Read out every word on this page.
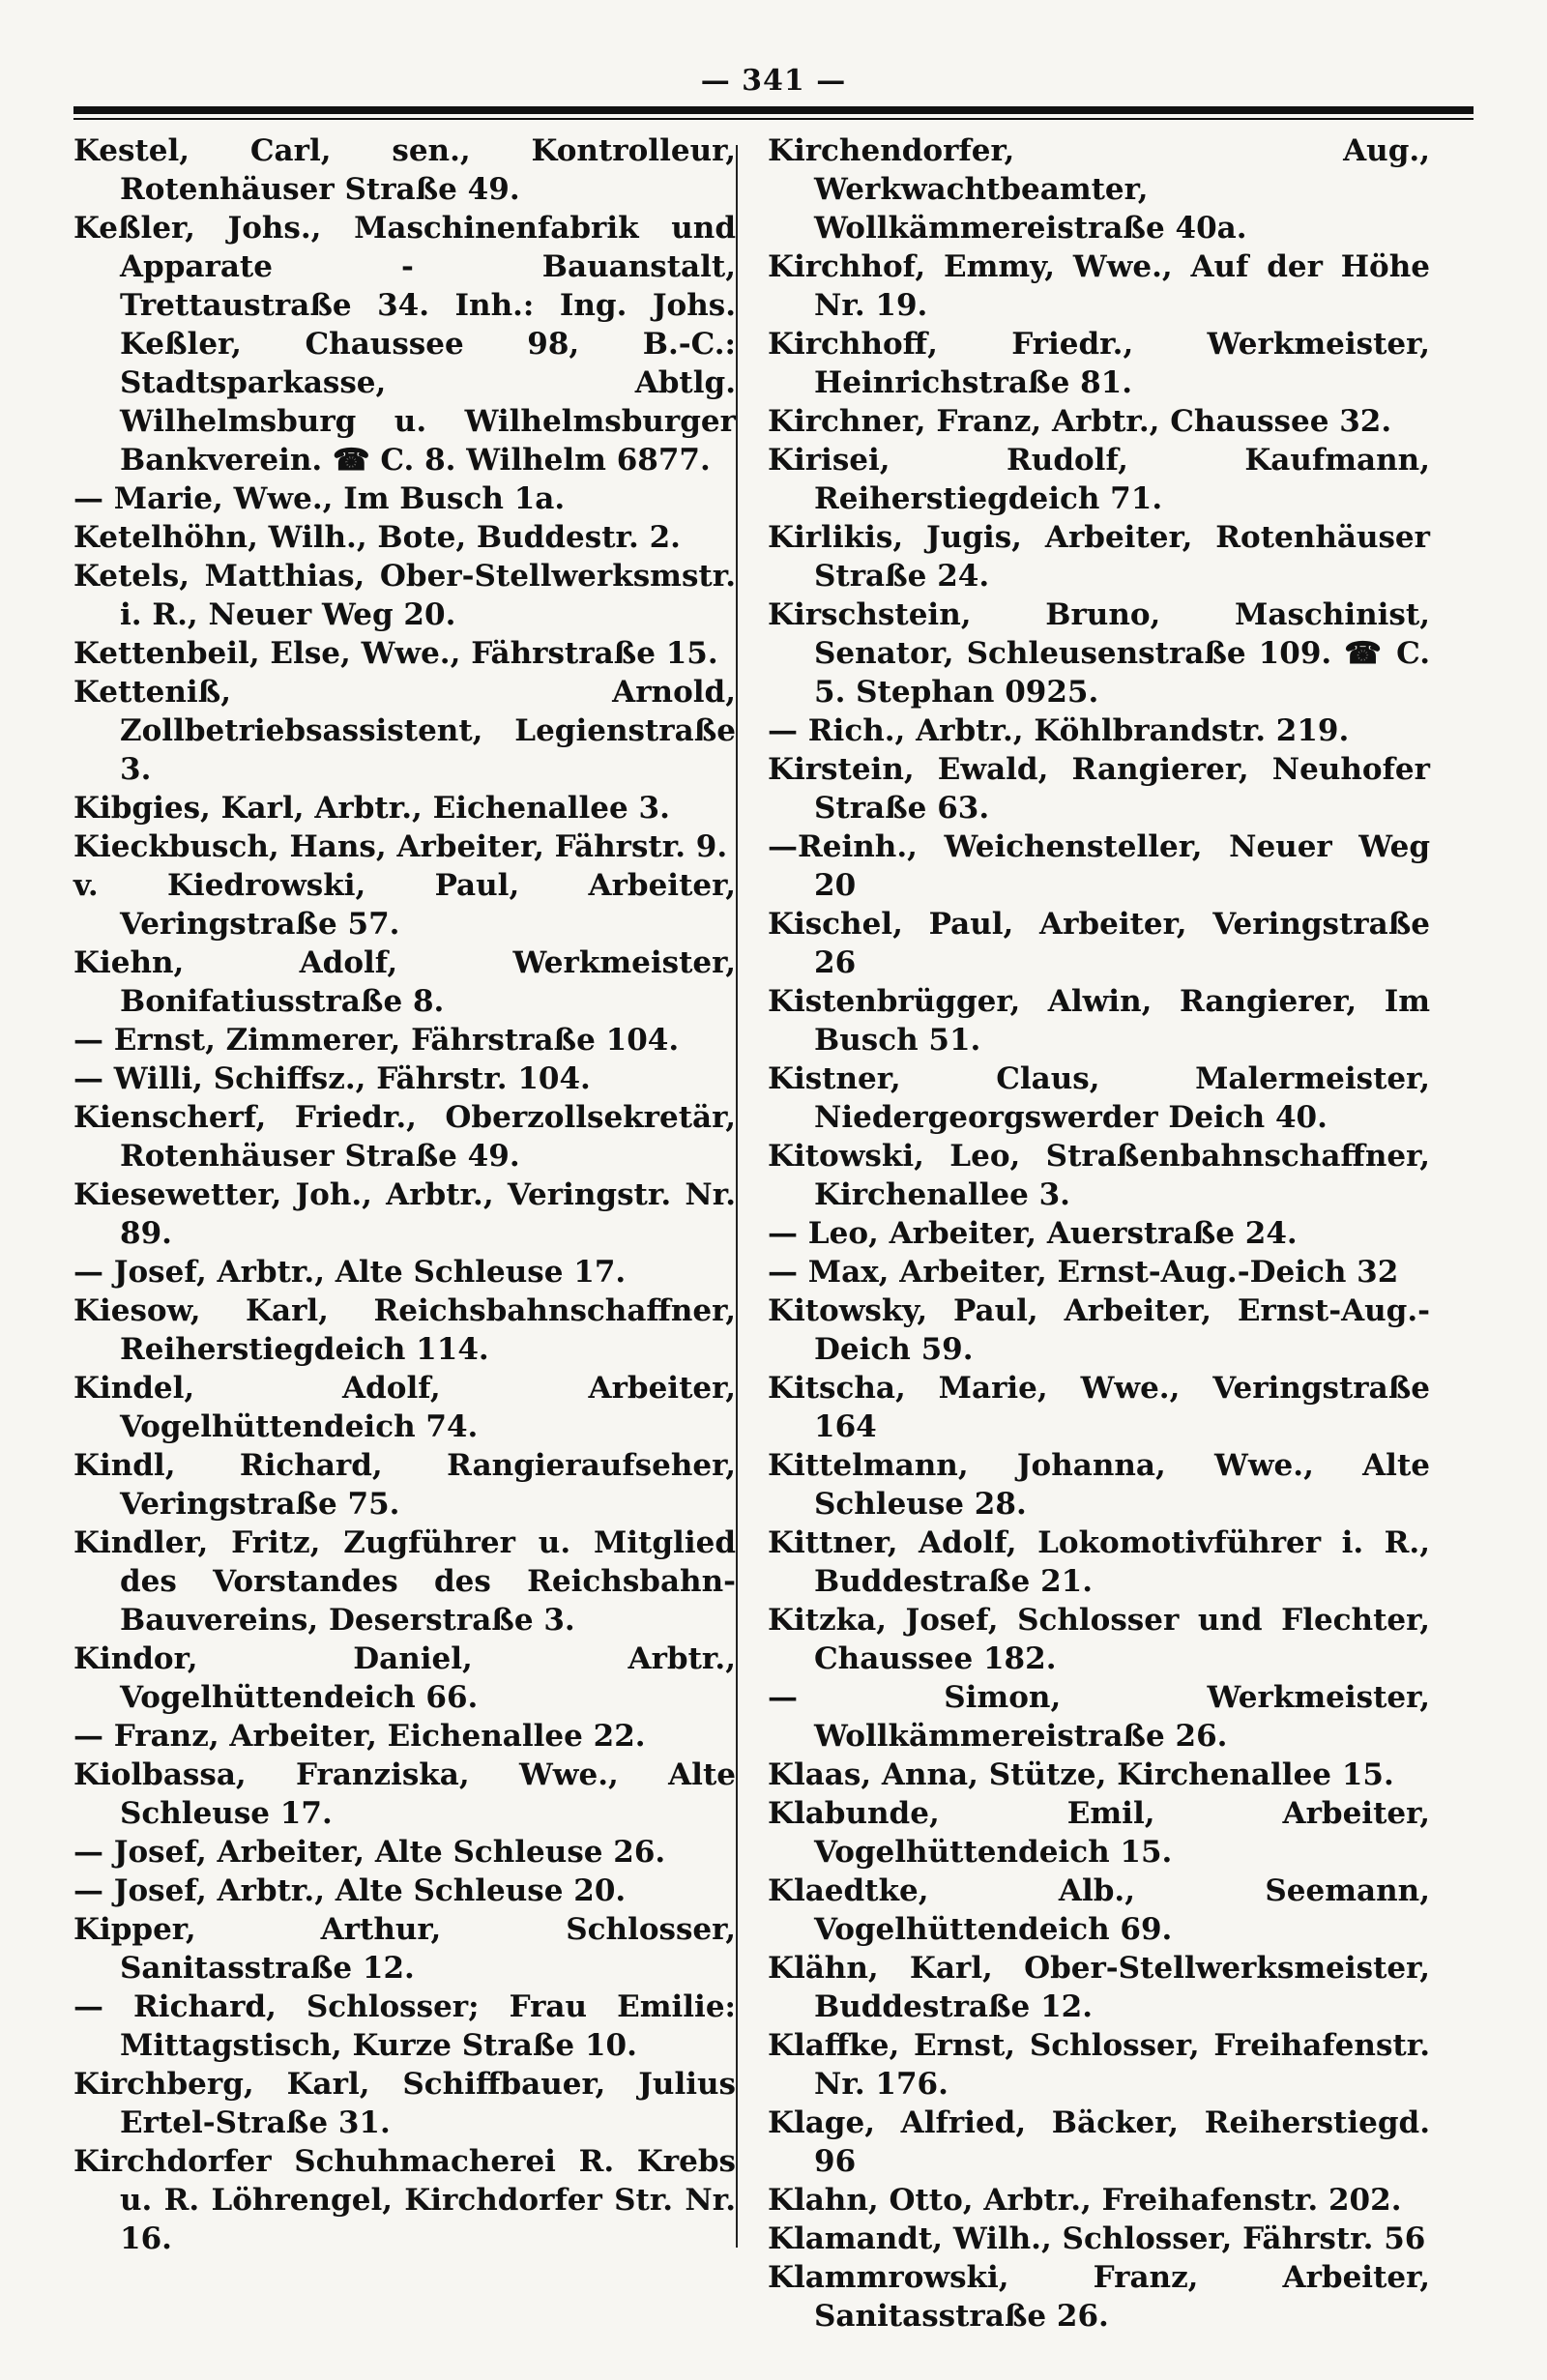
— 341 —

Kestel, Carl, sen., Kontrolleur, Rotenhäuser Straße 49.

Keßler, Johs., Maschinenfabrik und Apparate - Bauanstalt, Trettaustraße 34. Inh.: Ing. Johs. Keßler, Chaussee 98, B.-C.: Stadtsparkasse, Abtlg. Wilhelmsburg u. Wilhelmsburger Bankverein. ☎ C. 8. Wilhelm 6877.

— Marie, Wwe., Im Busch 1a.

Ketelhöhn, Wilh., Bote, Buddestr. 2.

Ketels, Matthias, Ober-Stellwerksmstr. i. R., Neuer Weg 20.

Kettenbeil, Else, Wwe., Fährstraße 15.

Ketteniß, Arnold, Zollbetriebsassistent, Legienstraße 3.

Kibgies, Karl, Arbtr., Eichenallee 3.

Kieckbusch, Hans, Arbeiter, Fährstr. 9.

v. Kiedrowski, Paul, Arbeiter, Veringstraße 57.

Kiehn, Adolf, Werkmeister, Bonifatiusstraße 8.

— Ernst, Zimmerer, Fährstraße 104.

— Willi, Schiffsz., Fährstr. 104.

Kienscherf, Friedr., Oberzollsekretär, Rotenhäuser Straße 49.

Kiesewetter, Joh., Arbtr., Veringstr. Nr. 89.

— Josef, Arbtr., Alte Schleuse 17.

Kiesow, Karl, Reichsbahnschaffner, Reiherstiegdeich 114.

Kindel, Adolf, Arbeiter, Vogelhüttendeich 74.

Kindl, Richard, Rangieraufseher, Veringstraße 75.

Kindler, Fritz, Zugführer u. Mitglied des Vorstandes des Reichsbahn-Bauvereins, Deserstraße 3.

Kindor, Daniel, Arbtr., Vogelhüttendeich 66.

— Franz, Arbeiter, Eichenallee 22.

Kiolbassa, Franziska, Wwe., Alte Schleuse 17.

— Josef, Arbeiter, Alte Schleuse 26.

— Josef, Arbtr., Alte Schleuse 20.

Kipper, Arthur, Schlosser, Sanitasstraße 12.

— Richard, Schlosser; Frau Emilie: Mittagstisch, Kurze Straße 10.

Kirchberg, Karl, Schiffbauer, Julius Ertel-Straße 31.

Kirchdorfer Schuhmacherei R. Krebs u. R. Löhrengel, Kirchdorfer Str. Nr. 16.

Kirchendorfer, Aug., Werkwachtbeamter, Wollkämmereistraße 40a.

Kirchhof, Emmy, Wwe., Auf der Höhe Nr. 19.

Kirchhoff, Friedr., Werkmeister, Heinrichstraße 81.

Kirchner, Franz, Arbtr., Chaussee 32.

Kirisei, Rudolf, Kaufmann, Reiherstiegdeich 71.

Kirlikis, Jugis, Arbeiter, Rotenhäuser Straße 24.

Kirschstein, Bruno, Maschinist, Senator, Schleusenstraße 109. ☎ C. 5. Stephan 0925.

— Rich., Arbtr., Köhlbrandstr. 219.

Kirstein, Ewald, Rangierer, Neuhofer Straße 63.

—Reinh., Weichensteller, Neuer Weg 20

Kischel, Paul, Arbeiter, Veringstraße 26

Kistenbrügger, Alwin, Rangierer, Im Busch 51.

Kistner, Claus, Malermeister, Niedergeorgswerder Deich 40.

Kitowski, Leo, Straßenbahnschaffner, Kirchenallee 3.

— Leo, Arbeiter, Auerstraße 24.

— Max, Arbeiter, Ernst-Aug.-Deich 32

Kitowsky, Paul, Arbeiter, Ernst-Aug.-Deich 59.

Kitscha, Marie, Wwe., Veringstraße 164

Kittelmann, Johanna, Wwe., Alte Schleuse 28.

Kittner, Adolf, Lokomotivführer i. R., Buddestraße 21.

Kitzka, Josef, Schlosser und Flechter, Chaussee 182.

— Simon, Werkmeister, Wollkämmereistraße 26.

Klaas, Anna, Stütze, Kirchenallee 15.

Klabunde, Emil, Arbeiter, Vogelhüttendeich 15.

Klaedtke, Alb., Seemann, Vogelhüttendeich 69.

Klähn, Karl, Ober-Stellwerksmeister, Buddestraße 12.

Klaffke, Ernst, Schlosser, Freihafenstr. Nr. 176.

Klage, Alfried, Bäcker, Reiherstiegd. 96

Klahn, Otto, Arbtr., Freihafenstr. 202.

Klamandt, Wilh., Schlosser, Fährstr. 56

Klammrowski, Franz, Arbeiter, Sanitasstraße 26.
